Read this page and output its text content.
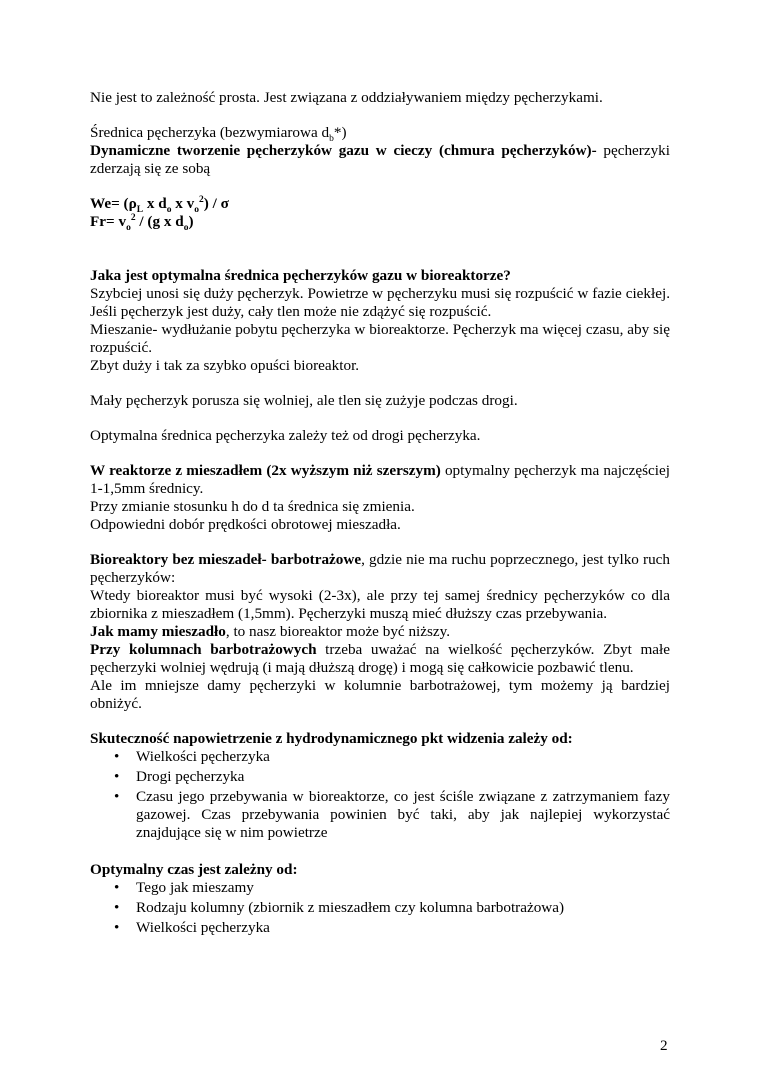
Nie jest to zależność prosta. Jest związana z oddziaływaniem między pęcherzykami.

Średnica pęcherzyka (bezwymiarowa $d_b*$)

Dynamiczne tworzenie pęcherzyków gazu w cieczy (chmura pęcherzyków)- pęcherzyki zderzają się ze sobą

$We= (\rho_L$ x $d_o$ x $v_o^2$) / σ

$Fr= v_o^2 / (g$ x $d_o$)

Jaka jest optymalna średnica pęcherzyków gazu w bioreaktorze?

Szybciej unosi się duży pęcherzyk. Powietrze w pęcherzyku musi się rozpuścić w fazie ciekłej. Jeśli pęcherzyk jest duży, cały tlen może nie zdążyć się rozpuścić.

Mieszanie- wydłużanie pobytu pęcherzyka w bioreaktorze. Pęcherzyk ma więcej czasu, aby się rozpuścić.

Zbyt duży i tak za szybko opuści bioreaktor.

Mały pęcherzyk porusza się wolniej, ale tlen się zużyje podczas drogi.

Optymalna średnica pęcherzyka zależy też od drogi pęcherzyka.

W reaktorze z mieszadłem (2x wyższym niż szerszym) optymalny pęcherzyk ma najczęściej 1-1,5mm średnicy.

Przy zmianie stosunku h do d ta średnica się zmienia.

Odpowiedni dobór prędkości obrotowej mieszadła.

Bioreaktory bez mieszadeł- barbotrażowe, gdzie nie ma ruchu poprzecznego, jest tylko ruch pęcherzyków:

Wtedy bioreaktor musi być wysoki (2-3x), ale przy tej samej średnicy pęcherzyków co dla zbiornika z mieszadłem (1,5mm). Pęcherzyki muszą mieć dłuższy czas przebywania.

Jak mamy mieszadło, to nasz bioreaktor może być niższy.

Przy kolumnach barbotrażowych trzeba uważać na wielkość pęcherzyków. Zbyt małe pęcherzyki wolniej wędrują (i mają dłuższą drogę) i mogą się całkowicie pozbawić tlenu.

Ale im mniejsze damy pęcherzyki w kolumnie barbotrażowej, tym możemy ją bardziej obniżyć.

Skuteczność napowietrzenie z hydrodynamicznego pkt widzenia zależy od:

• Wielkości pęcherzyka
• Drogi pęcherzyka
• Czasu jego przebywania w bioreaktorze, co jest ściśle związane z zatrzymaniem fazy gazowej. Czas przebywania powinien być taki, aby jak najlepiej wykorzystać znajdujące się w nim powietrze

Optymalny czas jest zależny od:

• Tego jak mieszamy
• Rodzaju kolumny (zbiornik z mieszadłem czy kolumna barbotrażowa)
• Wielkości pęcherzyka
2
